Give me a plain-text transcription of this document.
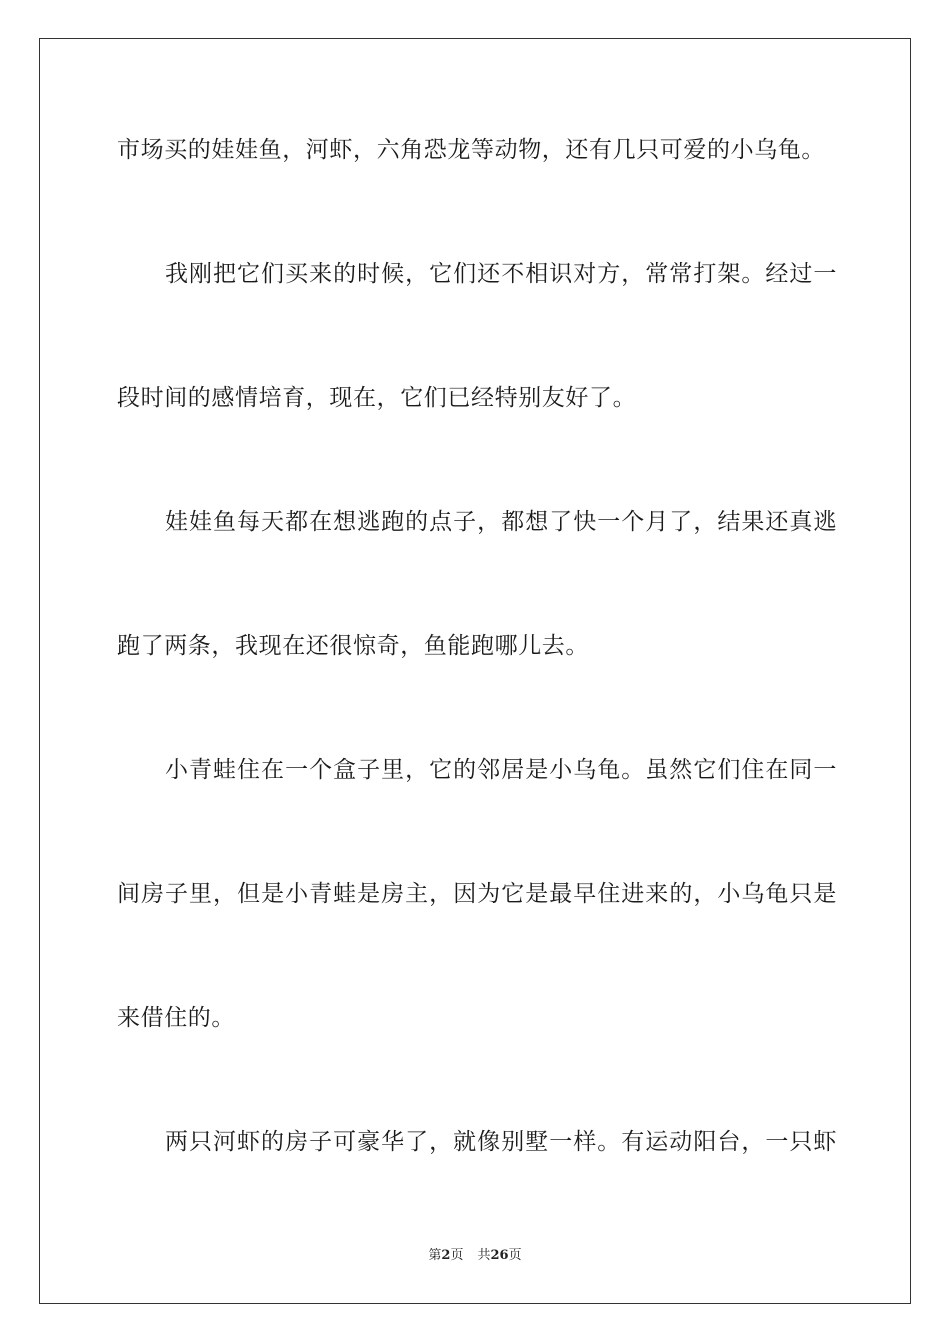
市场买的娃娃鱼，河虾，六角恐龙等动物，还有几只可爱的小乌龟。
我刚把它们买来的时候，它们还不相识对方，常常打架。经过一
段时间的感情培育，现在，它们已经特别友好了。
娃娃鱼每天都在想逃跑的点子，都想了快一个月了，结果还真逃
跑了两条，我现在还很惊奇，鱼能跑哪儿去。
小青蛙住在一个盒子里，它的邻居是小乌龟。虽然它们住在同一
间房子里，但是小青蛙是房主，因为它是最早住进来的，小乌龟只是
来借住的。
两只河虾的房子可豪华了，就像别墅一样。有运动阳台，一只虾
第2页 共26页
